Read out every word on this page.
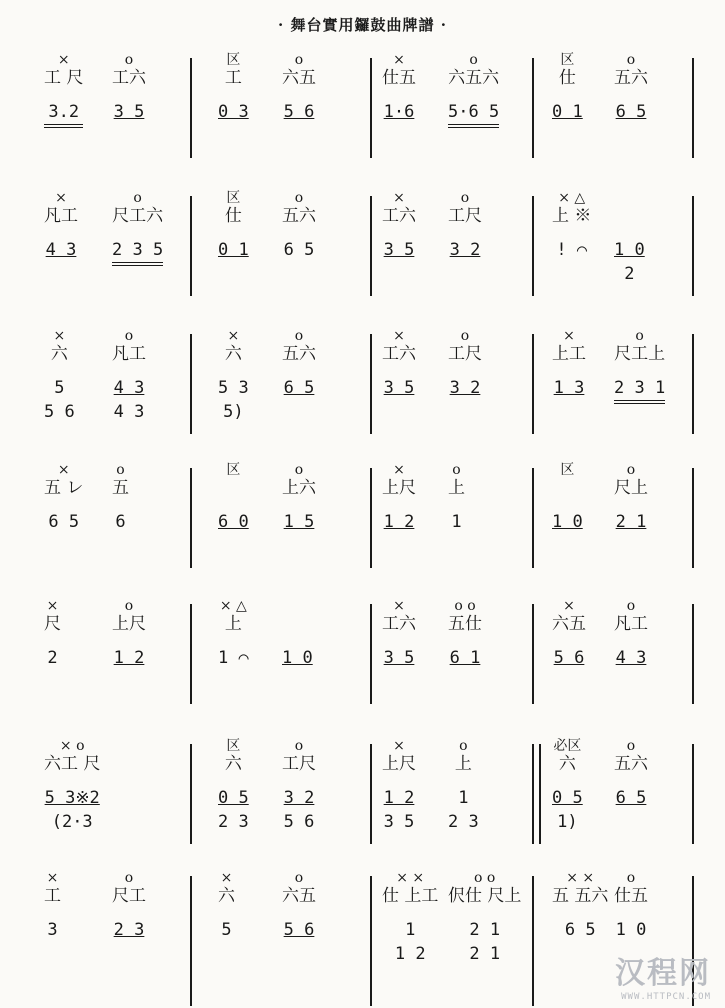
· 舞台實用鑼鼓曲牌譜 ·
×
工 尺
3.2
o
工六
3 5
区
工
0 3
o
六五
5 6
×
仕五
1·6
o
六五六
5·6 5
区
仕
0 1
o
五六
6 5
×
凡工
4 3
o
尺工六
2 3 5
区
仕
0 1
o
五六
6 5
×
工六
3 5
o
工尺
3 2
× △
上 ※
! ⌒ 1 0
2
×
六
5
5 6
o
凡工
4 3
4 3
×
六
5 3
5)
o
五六
6 5
×
工六
3 5
o
工尺
3 2
×
上工
1 3
o
尺工上
2 3 1
×
五 レ
6 5
o
五
6
区
6 0
o
上六
1 5
×
上尺
1 2
o
上
1
区
1 0
o
尺上
2 1
×
尺
2
o
上尺
1 2
× △
上
1 ⌒ 1 0
×
工六
3 5
o o
五仕
6 1
×
六五
5 6
o
凡工
4 3
× o
六工 尺
5 3※2
(2·3
区
六
0 5
2 3
o
工尺
3 2
5 6
×
上尺
1 2
3 5
o
上
1
2 3
必区
六
0 5
1)
o
五六
6 5
×
工
3
o
尺工
2 3
×
六
5
o
六五
5 6
× ×
仕 上工
1
1 2
o o
伬仕 尺上
2 1
2 1
× ×
五 五六
6 5
o
仕五
1 0
汉程网
WWW.HTTPCN.COM
